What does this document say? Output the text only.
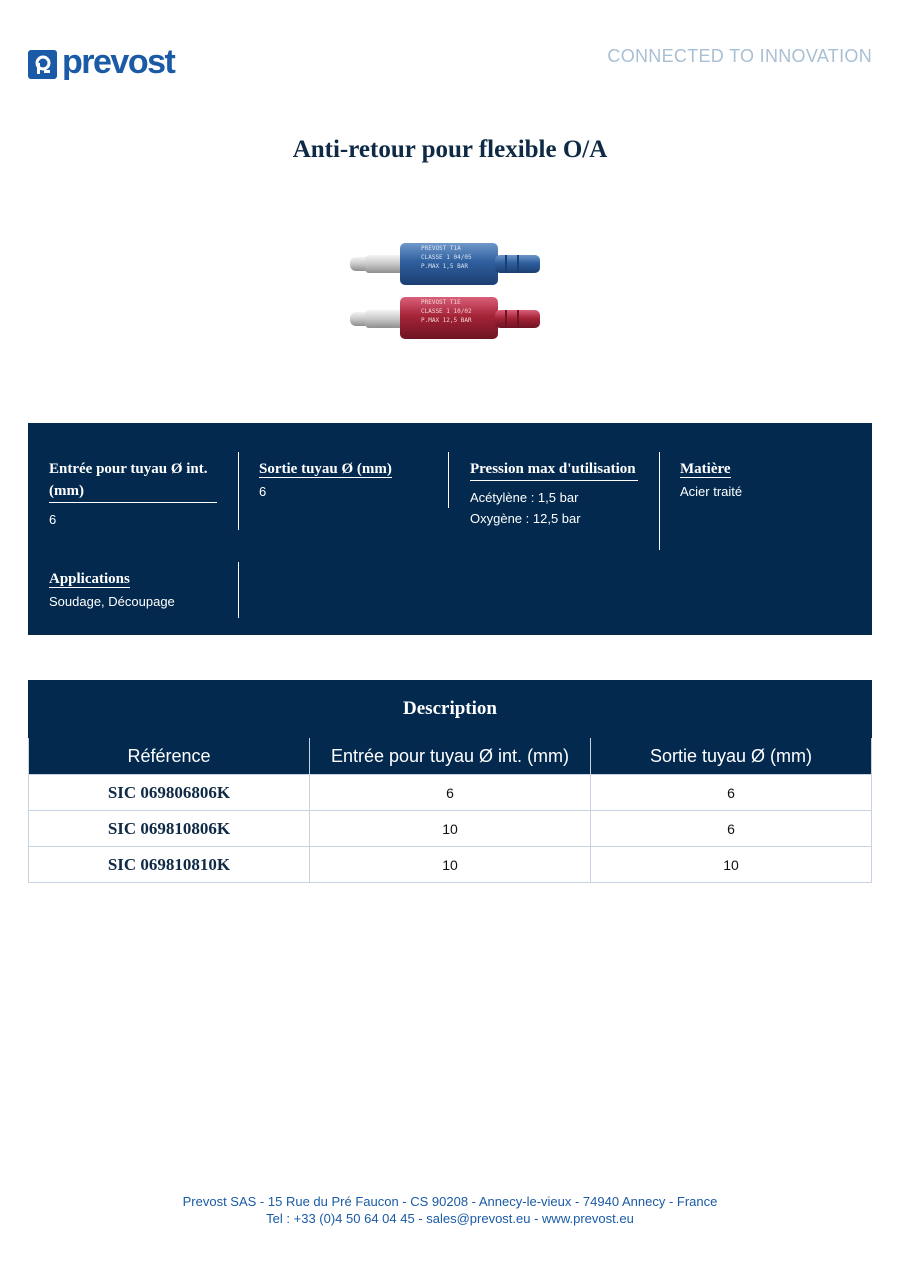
prevost	CONNECTED TO INNOVATION
Anti-retour pour flexible O/A
PREVOST T1A
CLASSE 1 04/05
P.MAX 1,5 BAR
PREVOST T1E
CLASSE 1 10/02
P.MAX 12,5 BAR
Entrée pour tuyau Ø int. (mm)
6
Sortie tuyau Ø (mm)
6
Pression max d'utilisation
Acétylène : 1,5 bar
Oxygène : 12,5 bar
Matière
Acier traité
Applications
Soudage, Découpage
Description
Référence	Entrée pour tuyau Ø int. (mm)	Sortie tuyau Ø (mm)
SIC 069806806K	6	6
SIC 069810806K	10	6
SIC 069810810K	10	10
Prevost SAS - 15 Rue du Pré Faucon - CS 90208 - Annecy-le-vieux - 74940 Annecy - France
Tel : +33 (0)4 50 64 04 45 - sales@prevost.eu - www.prevost.eu
